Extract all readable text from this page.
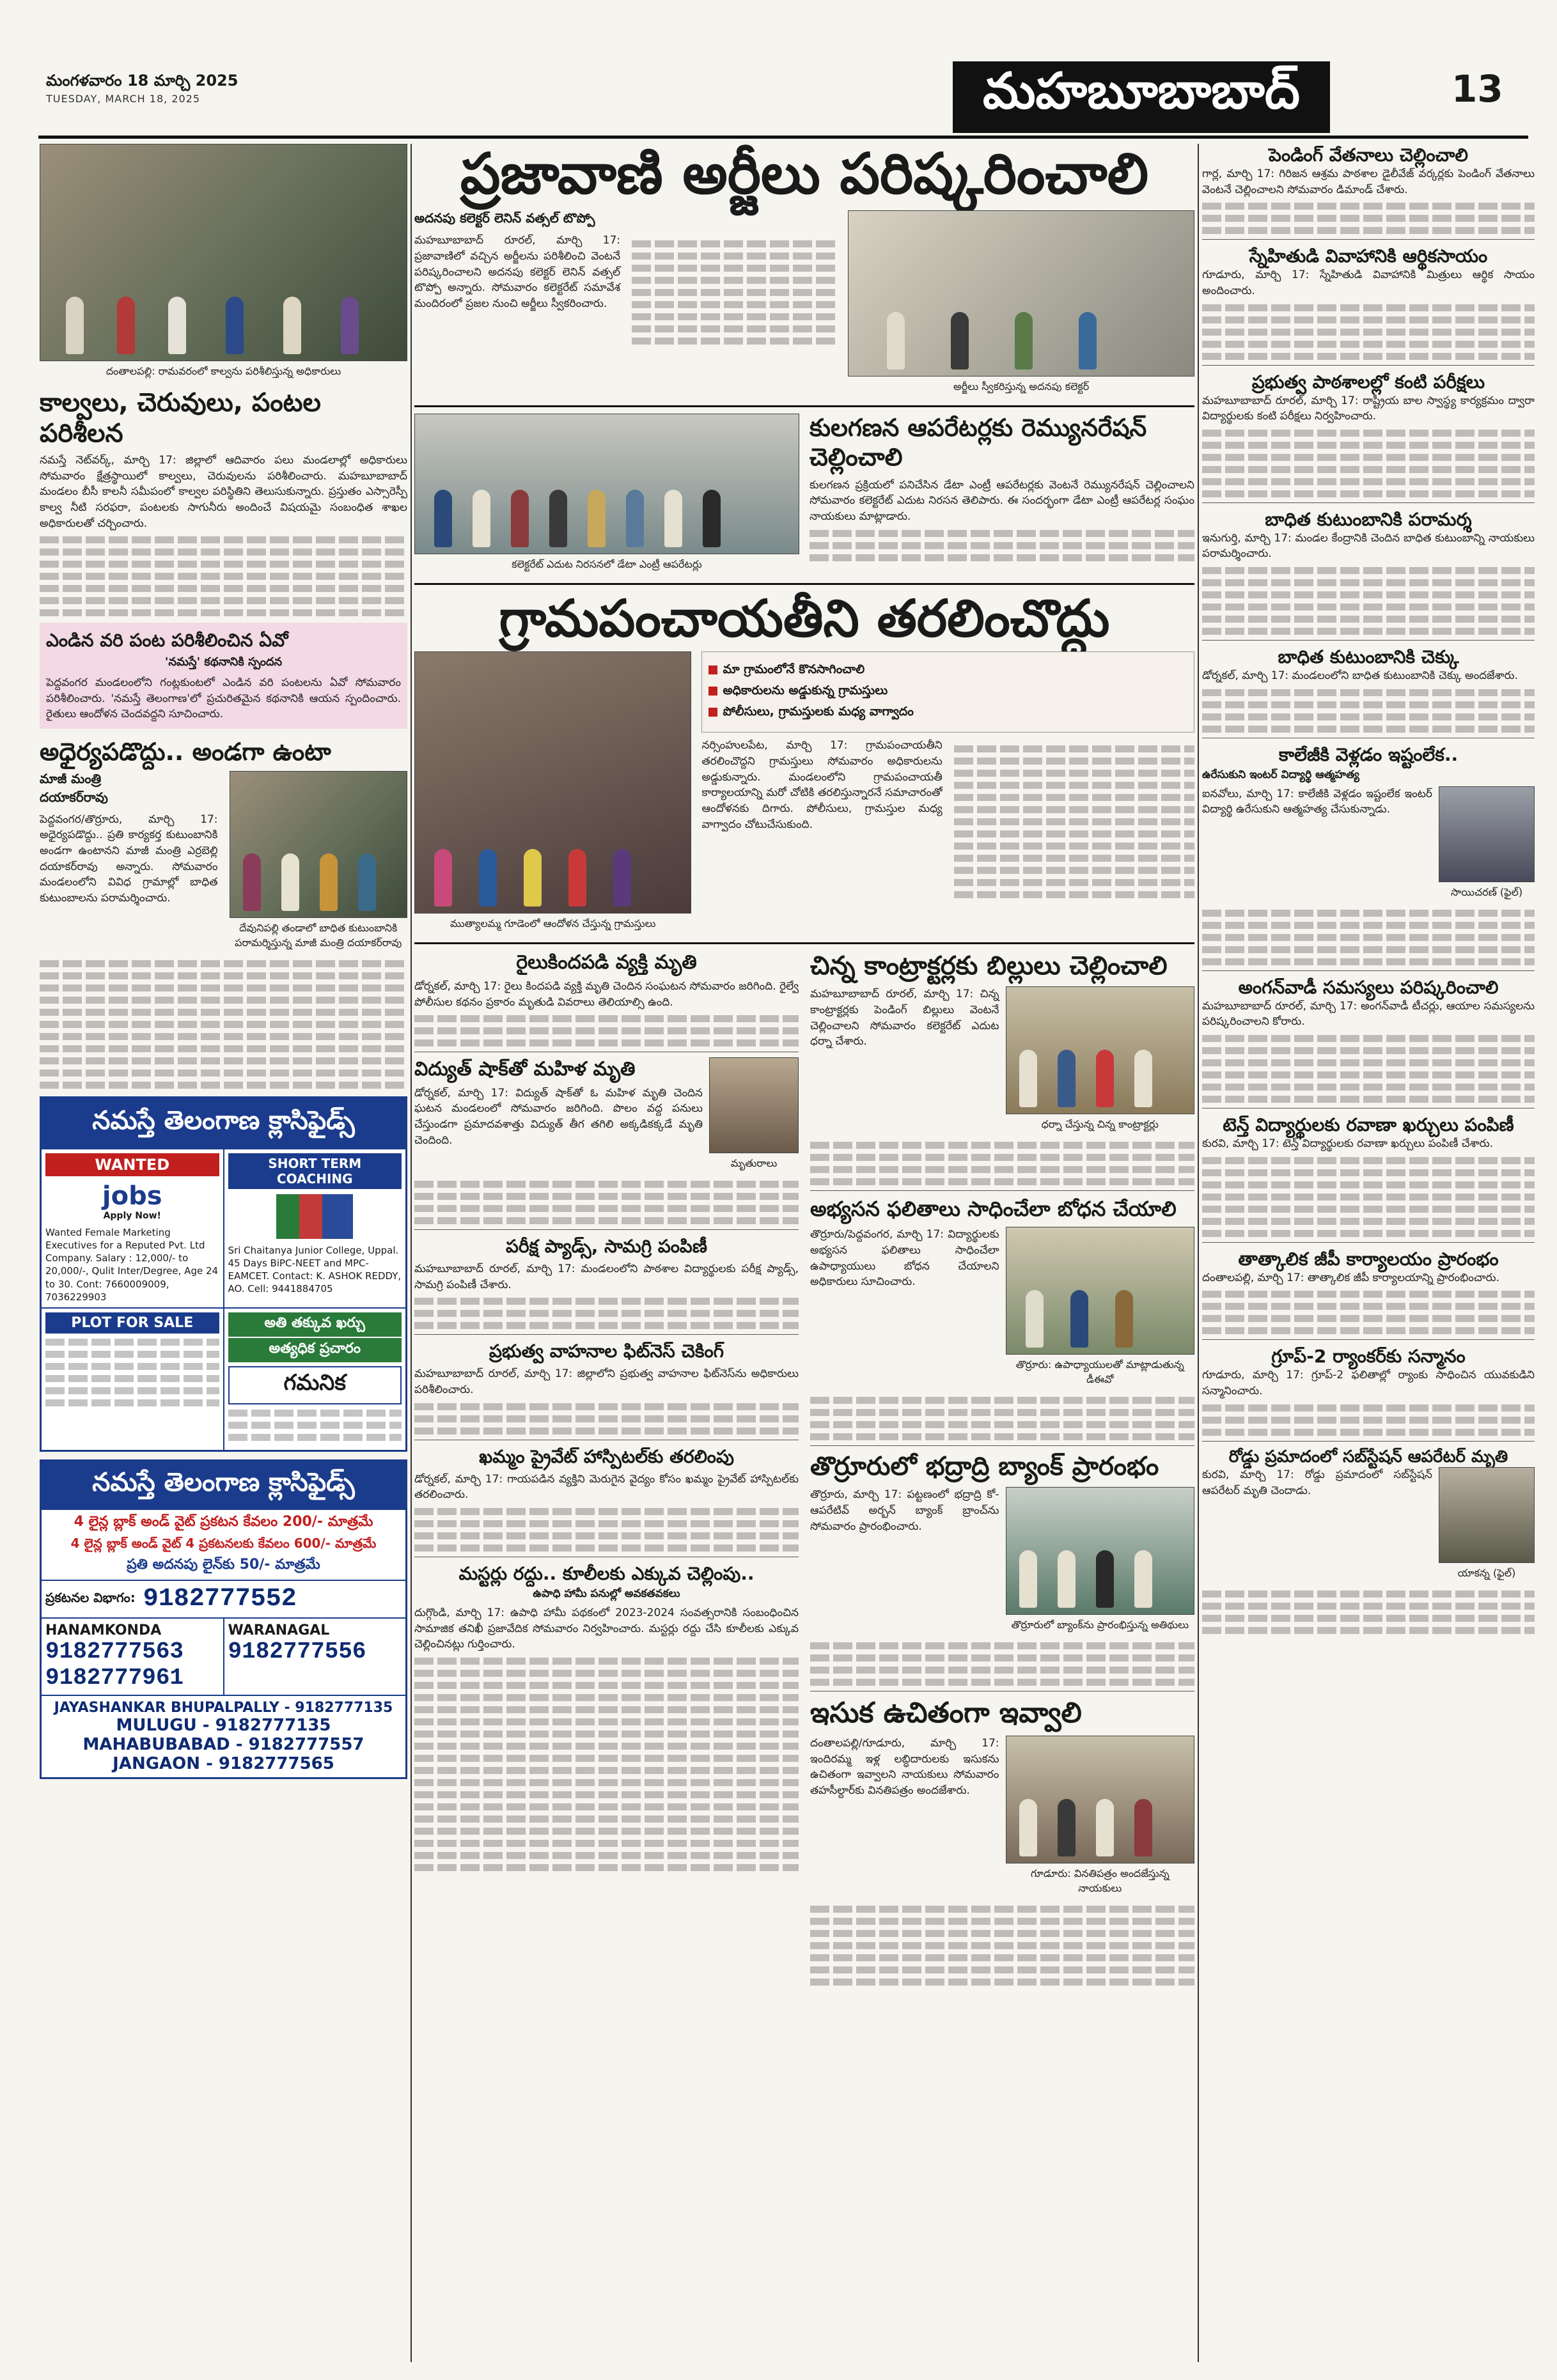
మంగళవారం 18 మార్చి 2025
TUESDAY, MARCH 18, 2025	మహబూబాబాద్	13
దంతాలపల్లి: రామవరంలో కాల్వను పరిశీలిస్తున్న అధికారులు
కాల్వలు, చెరువులు, పంటల పరిశీలన
నమస్తే నెట్‌వర్క్, మార్చి 17: జిల్లాలో ఆదివారం పలు మండలాల్లో అధికారులు సోమవారం క్షేత్రస్థాయిలో కాల్వలు, చెరువులను పరిశీలించారు. మహబూబాబాద్ మండలం బీసీ కాలనీ సమీపంలో కాల్వల పరిస్థితిని తెలుసుకున్నారు. ప్రస్తుతం ఎస్సారెస్పీ కాల్వ నీటి సరఫరా, పంటలకు సాగునీరు అందించే విషయమై సంబంధిత శాఖల అధికారులతో చర్చించారు.
ఎండిన వరి పంట పరిశీలించిన ఏవో
'నమస్తే' కథనానికి స్పందన
పెద్దవంగర మండలంలోని గంట్లకుంటలో ఎండిన వరి పంటలను ఏవో సోమవారం పరిశీలించారు. 'నమస్తే తెలంగాణ'లో ప్రచురితమైన కథనానికి ఆయన స్పందించారు. రైతులు ఆందోళన చెందవద్దని సూచించారు.
అధైర్యపడొద్దు.. అండగా ఉంటా
మాజీ మంత్రి
దయాకర్‌రావు
పెద్దవంగర/తొర్రూరు, మార్చి 17: అధైర్యపడొద్దు.. ప్రతి కార్యకర్త కుటుంబానికి అండగా ఉంటానని మాజీ మంత్రి ఎర్రబెల్లి దయాకర్‌రావు అన్నారు. సోమవారం మండలంలోని వివిధ గ్రామాల్లో బాధిత కుటుంబాలను పరామర్శించారు.
దేవునిపల్లి తండాలో బాధిత కుటుంబానికి పరామర్శిస్తున్న మాజీ మంత్రి దయాకర్‌రావు
నమస్తే తెలంగాణ క్లాసిఫైడ్స్
WANTED
jobs
Apply Now!
Wanted Female Marketing Executives for a Reputed Pvt. Ltd Company. Salary : 12,000/- to 20,000/-, Qulit Inter/Degree, Age 24 to 30. Cont: 7660009009, 7036229903
SHORT TERM COACHING
Sri Chaitanya Junior College, Uppal. 45 Days BiPC-NEET and MPC-EAMCET. Contact: K. ASHOK REDDY, AO. Cell: 9441884705
PLOT FOR SALE	అతి తక్కువ ఖర్చు
అత్యధిక ప్రచారం
గమనిక
నమస్తే తెలంగాణ క్లాసిఫైడ్స్
4 లైన్ల బ్లాక్ అండ్ వైట్ ప్రకటన కేవలం 200/- మాత్రమే
4 లైన్ల బ్లాక్ అండ్ వైట్ 4 ప్రకటనలకు కేవలం 600/- మాత్రమే
ప్రతి అదనపు లైన్‌కు 50/- మాత్రమే
ప్రకటనల విభాగం: 9182777552
HANAMKONDA
9182777563
9182777961
WARANAGAL
9182777556
JAYASHANKAR BHUPALPALLY - 9182777135
MULUGU - 9182777135
MAHABUBABAD - 9182777557
JANGAON - 9182777565
ప్రజావాణి అర్జీలు పరిష్కరించాలి
అదనపు కలెక్టర్ లెనిన్ వత్సల్ టొప్పో
మహబూబాబాద్ రూరల్, మార్చి 17: ప్రజావాణిలో వచ్చిన అర్జీలను పరిశీలించి వెంటనే పరిష్కరించాలని అదనపు కలెక్టర్ లెనిన్ వత్సల్ టొప్పో అన్నారు. సోమవారం కలెక్టరేట్ సమావేశ మందిరంలో ప్రజల నుంచి అర్జీలు స్వీకరించారు.
అర్జీలు స్వీకరిస్తున్న అదనపు కలెక్టర్
కలెక్టరేట్ ఎదుట నిరసనలో డేటా ఎంట్రీ ఆపరేటర్లు
కులగణన ఆపరేటర్లకు రెమ్యునరేషన్ చెల్లించాలి
కులగణన ప్రక్రియలో పనిచేసిన డేటా ఎంట్రీ ఆపరేటర్లకు వెంటనే రెమ్యునరేషన్ చెల్లించాలని సోమవారం కలెక్టరేట్ ఎదుట నిరసన తెలిపారు. ఈ సందర్భంగా డేటా ఎంట్రీ ఆపరేటర్ల సంఘం నాయకులు మాట్లాడారు.
గ్రామపంచాయతీని తరలించొద్దు
ముత్యాలమ్మ గూడెంలో ఆందోళన చేస్తున్న గ్రామస్తులు
మా గ్రామంలోనే కొనసాగించాలి
అధికారులను అడ్డుకున్న గ్రామస్తులు
పోలీసులు, గ్రామస్తులకు మధ్య వాగ్వాదం
నర్సింహులపేట, మార్చి 17: గ్రామపంచాయతీని తరలించొద్దని గ్రామస్తులు సోమవారం అధికారులను అడ్డుకున్నారు. మండలంలోని గ్రామపంచాయతీ కార్యాలయాన్ని మరో చోటికి తరలిస్తున్నారనే సమాచారంతో ఆందోళనకు దిగారు. పోలీసులు, గ్రామస్తుల మధ్య వాగ్వాదం చోటుచేసుకుంది.
రైలుకిందపడి వ్యక్తి మృతి
డోర్నకల్, మార్చి 17: రైలు కిందపడి వ్యక్తి మృతి చెందిన సంఘటన సోమవారం జరిగింది. రైల్వే పోలీసుల కథనం ప్రకారం మృతుడి వివరాలు తెలియాల్సి ఉంది.
విద్యుత్ షాక్‌తో మహిళ మృతి
డోర్నకల్, మార్చి 17: విద్యుత్ షాక్‌తో ఓ మహిళ మృతి చెందిన ఘటన మండలంలో సోమవారం జరిగింది. పొలం వద్ద పనులు చేస్తుండగా ప్రమాదవశాత్తు విద్యుత్ తీగ తగిలి అక్కడికక్కడే మృతి చెందింది.
మృతురాలు
పరీక్ష ప్యాడ్స్, సామగ్రి పంపిణీ
మహబూబాబాద్ రూరల్, మార్చి 17: మండలంలోని పాఠశాల విద్యార్థులకు పరీక్ష ప్యాడ్స్, సామగ్రి పంపిణీ చేశారు.
ప్రభుత్వ వాహనాల ఫిట్‌నెస్ చెకింగ్
మహబూబాబాద్ రూరల్, మార్చి 17: జిల్లాలోని ప్రభుత్వ వాహనాల ఫిట్‌నెస్‌ను అధికారులు పరిశీలించారు.
ఖమ్మం ప్రైవేట్ హాస్పిటల్‌కు తరలింపు
డోర్నకల్, మార్చి 17: గాయపడిన వ్యక్తిని మెరుగైన వైద్యం కోసం ఖమ్మం ప్రైవేట్ హాస్పిటల్‌కు తరలించారు.
మస్టర్లు రద్దు.. కూలీలకు ఎక్కువ చెల్లింపు..
ఉపాధి హామీ పనుల్లో అవకతవకలు
దుగ్గొండి, మార్చి 17: ఉపాధి హామీ పథకంలో 2023-2024 సంవత్సరానికి సంబంధించిన సామాజిక తనిఖీ ప్రజావేదిక సోమవారం నిర్వహించారు. మస్టర్లు రద్దు చేసి కూలీలకు ఎక్కువ చెల్లించినట్లు గుర్తించారు.
చిన్న కాంట్రాక్టర్లకు బిల్లులు చెల్లించాలి
మహబూబాబాద్ రూరల్, మార్చి 17: చిన్న కాంట్రాక్టర్లకు పెండింగ్ బిల్లులు వెంటనే చెల్లించాలని సోమవారం కలెక్టరేట్ ఎదుట ధర్నా చేశారు.
ధర్నా చేస్తున్న చిన్న కాంట్రాక్టర్లు
అభ్యసన ఫలితాలు సాధించేలా బోధన చేయాలి
తొర్రూరు/పెద్దవంగర, మార్చి 17: విద్యార్థులకు అభ్యసన ఫలితాలు సాధించేలా ఉపాధ్యాయులు బోధన చేయాలని అధికారులు సూచించారు.
తొర్రూరు: ఉపాధ్యాయులతో మాట్లాడుతున్న డీఈవో
తొర్రూరులో భద్రాద్రి బ్యాంక్ ప్రారంభం
తొర్రూరు, మార్చి 17: పట్టణంలో భద్రాద్రి కో-ఆపరేటివ్ అర్బన్ బ్యాంక్ బ్రాంచ్‌ను సోమవారం ప్రారంభించారు.
తొర్రూరులో బ్యాంక్‌ను ప్రారంభిస్తున్న అతిథులు
ఇసుక ఉచితంగా ఇవ్వాలి
దంతాలపల్లి/గూడూరు, మార్చి 17: ఇందిరమ్మ ఇళ్ల లబ్ధిదారులకు ఇసుకను ఉచితంగా ఇవ్వాలని నాయకులు సోమవారం తహసీల్దార్‌కు వినతిపత్రం అందజేశారు.
గూడూరు: వినతిపత్రం అందజేస్తున్న నాయకులు
పెండింగ్ వేతనాలు చెల్లించాలి
గార్ల, మార్చి 17: గిరిజన ఆశ్రమ పాఠశాల డైలీవేజ్ వర్కర్లకు పెండింగ్ వేతనాలు వెంటనే చెల్లించాలని సోమవారం డిమాండ్ చేశారు.
స్నేహితుడి వివాహానికి ఆర్థికసాయం
గూడూరు, మార్చి 17: స్నేహితుడి వివాహానికి మిత్రులు ఆర్థిక సాయం అందించారు.
ప్రభుత్వ పాఠశాలల్లో కంటి పరీక్షలు
మహబూబాబాద్ రూరల్, మార్చి 17: రాష్ట్రీయ బాల స్వాస్థ్య కార్యక్రమం ద్వారా విద్యార్థులకు కంటి పరీక్షలు నిర్వహించారు.
బాధిత కుటుంబానికి పరామర్శ
ఇనుగుర్తి, మార్చి 17: మండల కేంద్రానికి చెందిన బాధిత కుటుంబాన్ని నాయకులు పరామర్శించారు.
బాధిత కుటుంబానికి చెక్కు
డోర్నకల్, మార్చి 17: మండలంలోని బాధిత కుటుంబానికి చెక్కు అందజేశారు.
కాలేజీకి వెళ్లడం ఇష్టంలేక..
ఉరేసుకుని ఇంటర్ విద్యార్థి ఆత్మహత్య
ఐనవోలు, మార్చి 17: కాలేజీకి వెళ్లడం ఇష్టంలేక ఇంటర్ విద్యార్థి ఉరేసుకుని ఆత్మహత్య చేసుకున్నాడు.
సాయిచరణ్ (ఫైల్)
అంగన్‌వాడీ సమస్యలు పరిష్కరించాలి
మహబూబాబాద్ రూరల్, మార్చి 17: అంగన్‌వాడీ టీచర్లు, ఆయాల సమస్యలను పరిష్కరించాలని కోరారు.
టెన్త్ విద్యార్థులకు రవాణా ఖర్చులు పంపిణీ
కురవి, మార్చి 17: టెన్త్ విద్యార్థులకు రవాణా ఖర్చులు పంపిణీ చేశారు.
తాత్కాలిక జీపీ కార్యాలయం ప్రారంభం
దంతాలపల్లి, మార్చి 17: తాత్కాలిక జీపీ కార్యాలయాన్ని ప్రారంభించారు.
గ్రూప్-2 ర్యాంకర్‌కు సన్మానం
గూడూరు, మార్చి 17: గ్రూప్-2 ఫలితాల్లో ర్యాంకు సాధించిన యువకుడిని సన్మానించారు.
రోడ్డు ప్రమాదంలో సబ్‌స్టేషన్ ఆపరేటర్ మృతి
కురవి, మార్చి 17: రోడ్డు ప్రమాదంలో సబ్‌స్టేషన్ ఆపరేటర్ మృతి చెందాడు.
యాకన్న (ఫైల్)
